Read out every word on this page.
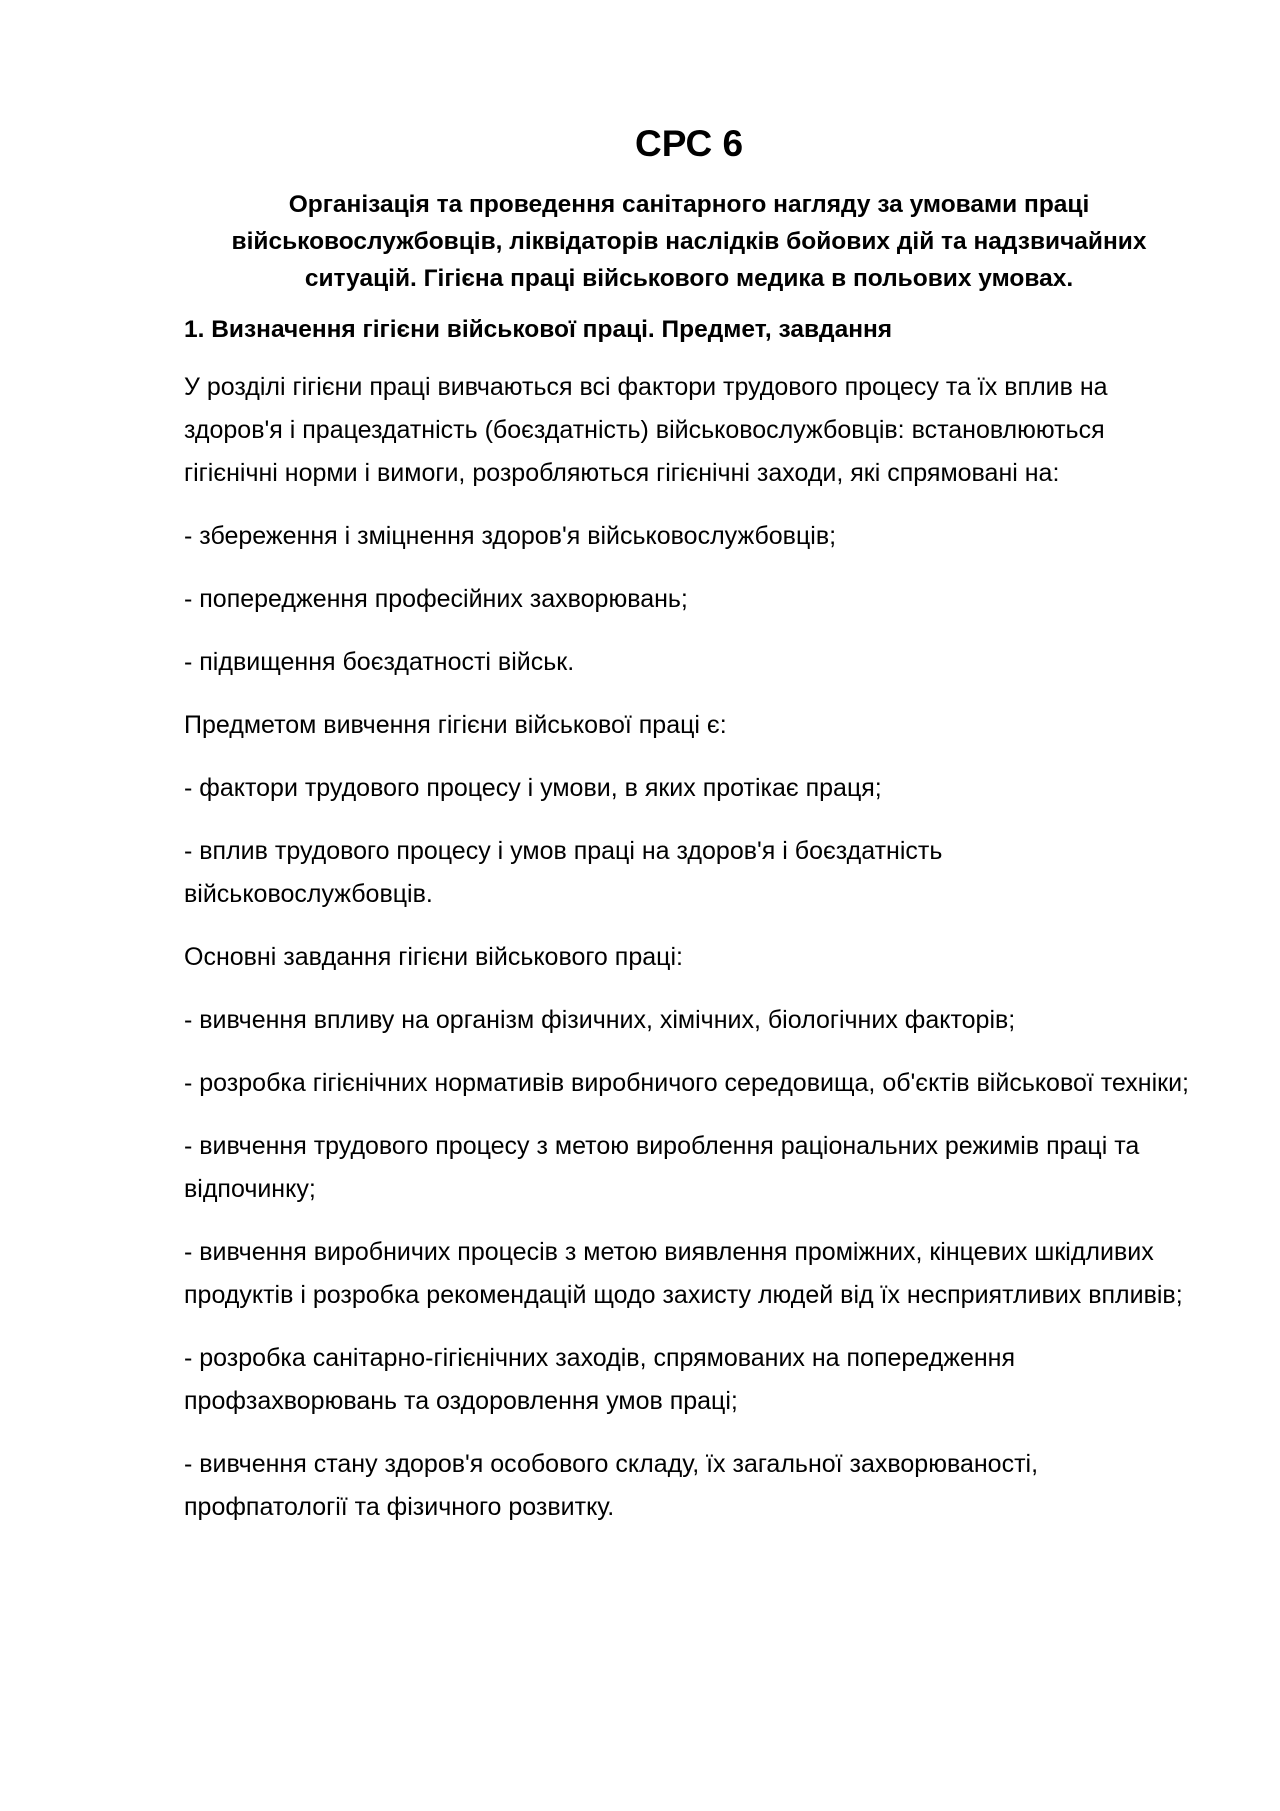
СРС 6

Організація та проведення санітарного нагляду за умовами праці військовослужбовців, ліквідаторів наслідків бойових дій та надзвичайних ситуацій. Гігієна праці військового медика в польових умовах.

1. Визначення гігієни військової праці. Предмет, завдання

У розділі гігієни праці вивчаються всі фактори трудового процесу та їх вплив на здоров'я і працездатність (боєздатність) військовослужбовців: встановлюються гігієнічні норми і вимоги, розробляються гігієнічні заходи, які спрямовані на:

- збереження і зміцнення здоров'я військовослужбовців;

- попередження професійних захворювань;

- підвищення боєздатності військ.

Предметом вивчення гігієни військової праці є:

- фактори трудового процесу і умови, в яких протікає праця;

- вплив трудового процесу і умов праці на здоров'я і боєздатність військовослужбовців.

Основні завдання гігієни військового праці:

- вивчення впливу на організм фізичних, хімічних, біологічних факторів;

- розробка гігієнічних нормативів виробничого середовища, об'єктів військової техніки;

- вивчення трудового процесу з метою вироблення раціональних режимів праці та відпочинку;

- вивчення виробничих процесів з метою виявлення проміжних, кінцевих шкідливих продуктів і розробка рекомендацій щодо захисту людей від їх несприятливих впливів;

- розробка санітарно-гігієнічних заходів, спрямованих на попередження профзахворювань та оздоровлення умов праці;

- вивчення стану здоров'я особового складу, їх загальної захворюваності, профпатології та фізичного розвитку.
